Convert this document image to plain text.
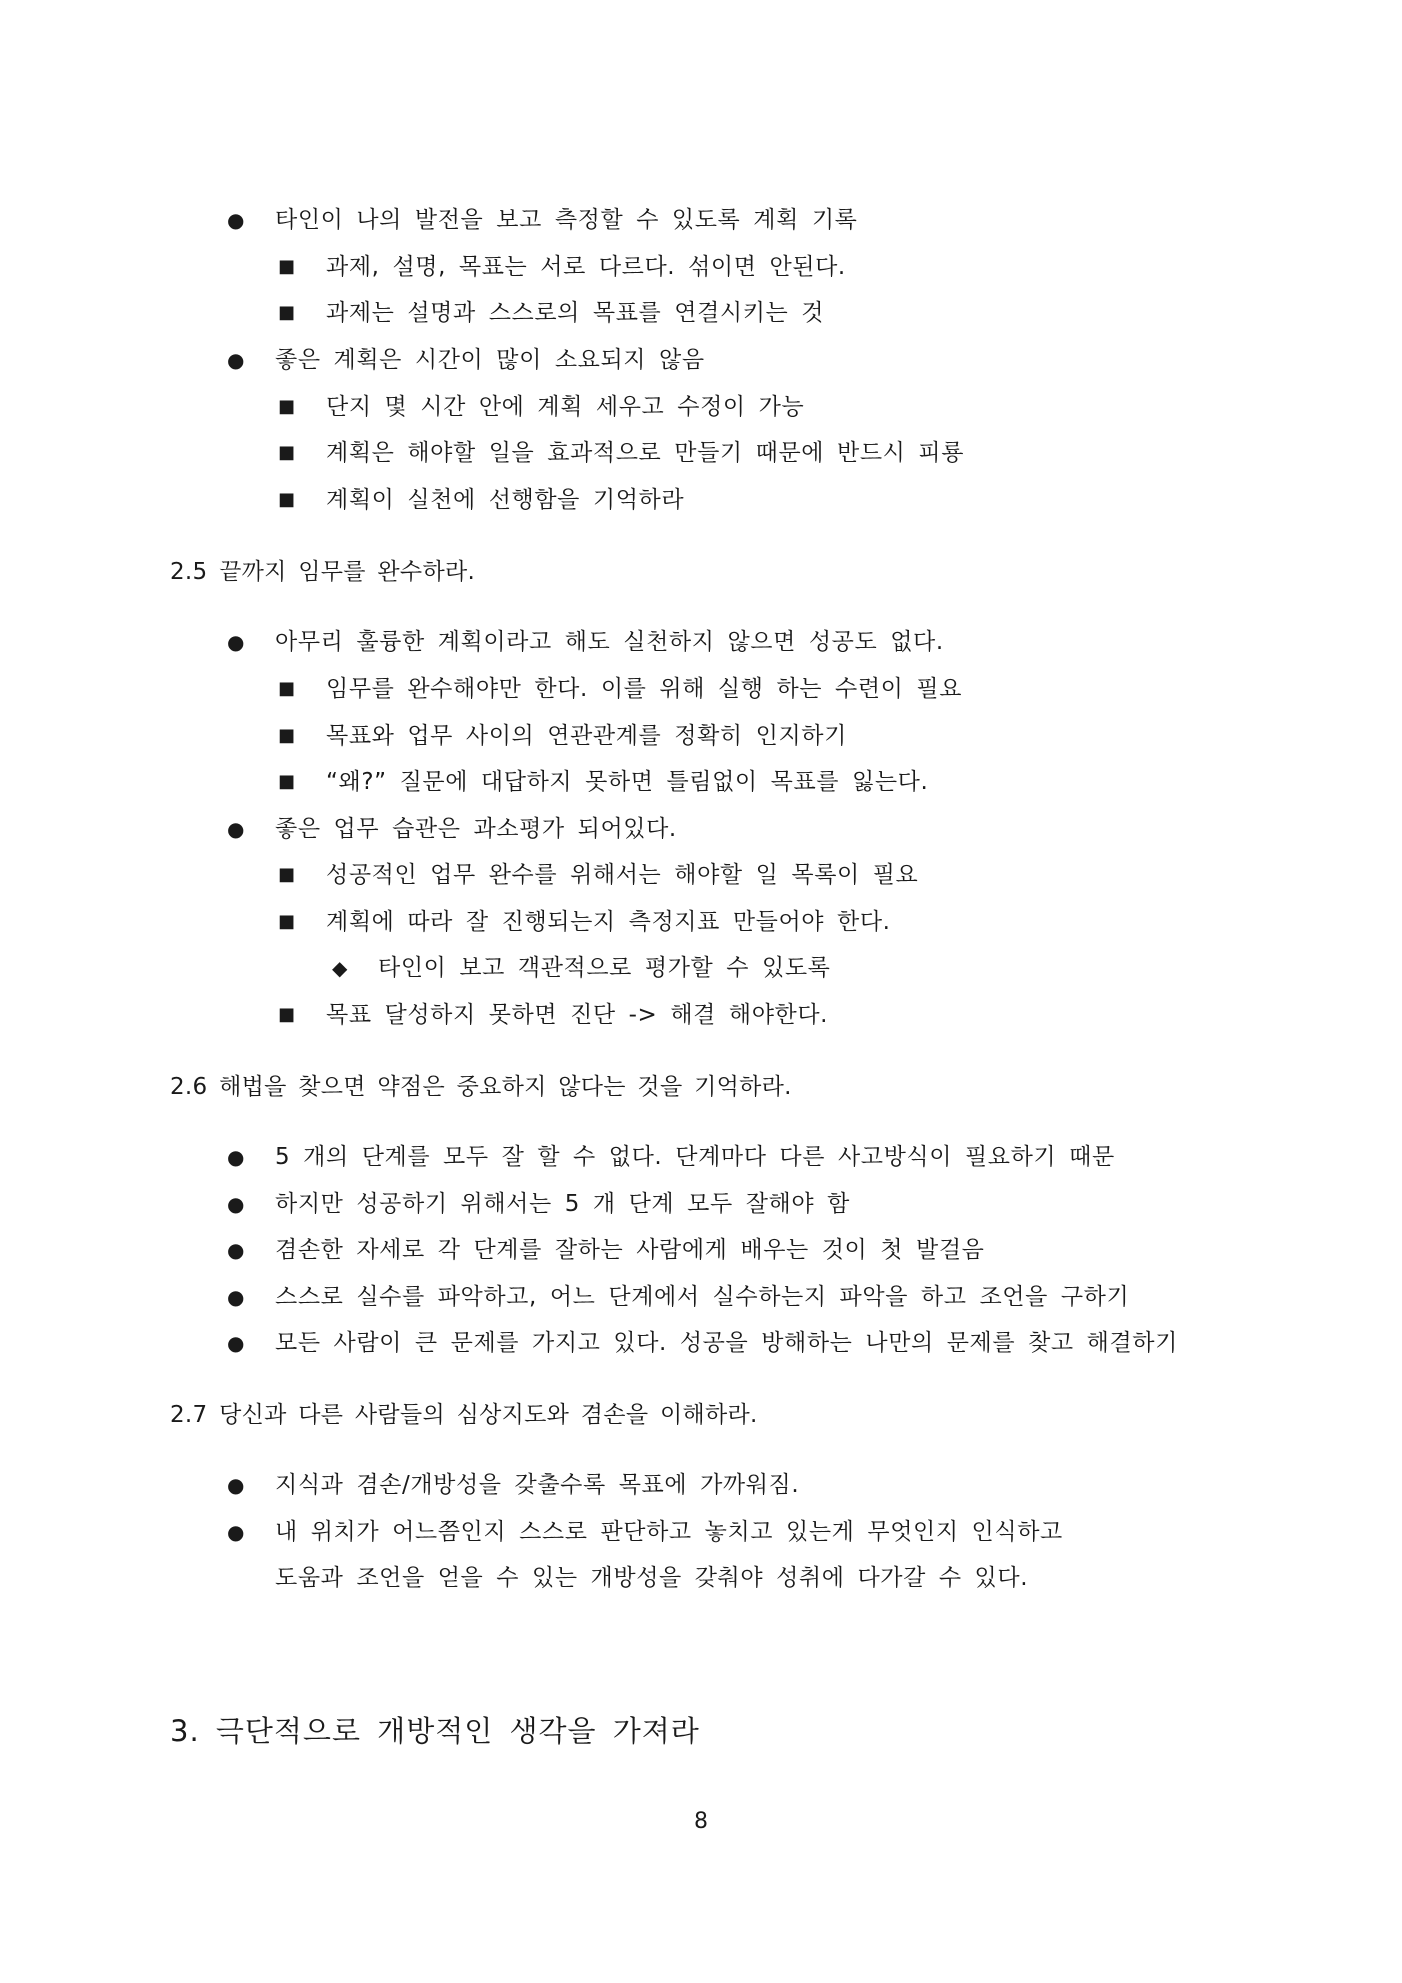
● 타인이 나의 발전을 보고 측정할 수 있도록 계획 기록
■ 과제, 설명, 목표는 서로 다르다. 섞이면 안된다.
■ 과제는 설명과 스스로의 목표를 연결시키는 것
● 좋은 계획은 시간이 많이 소요되지 않음
■ 단지 몇 시간 안에 계획 세우고 수정이 가능
■ 계획은 해야할 일을 효과적으로 만들기 때문에 반드시 피룡
■ 계획이 실천에 선행함을 기억하라
2.5 끝까지 임무를 완수하라.
● 아무리 훌륭한 계획이라고 해도 실천하지 않으면 성공도 없다.
■ 임무를 완수해야만 한다. 이를 위해 실행 하는 수련이 필요
■ 목표와 업무 사이의 연관관계를 정확히 인지하기
■ “왜?” 질문에 대답하지 못하면 틀림없이 목표를 잃는다.
● 좋은 업무 습관은 과소평가 되어있다.
■ 성공적인 업무 완수를 위해서는 해야할 일 목록이 필요
■ 계획에 따라 잘 진행되는지 측정지표 만들어야 한다.
◆ 타인이 보고 객관적으로 평가할 수 있도록
■ 목표 달성하지 못하면 진단 -> 해결 해야한다.
2.6 해법을 찾으면 약점은 중요하지 않다는 것을 기억하라.
● 5 개의 단계를 모두 잘 할 수 없다. 단계마다 다른 사고방식이 필요하기 때문
● 하지만 성공하기 위해서는 5 개 단계 모두 잘해야 함
● 겸손한 자세로 각 단계를 잘하는 사람에게 배우는 것이 첫 발걸음
● 스스로 실수를 파악하고, 어느 단계에서 실수하는지 파악을 하고 조언을 구하기
● 모든 사람이 큰 문제를 가지고 있다. 성공을 방해하는 나만의 문제를 찾고 해결하기
2.7 당신과 다른 사람들의 심상지도와 겸손을 이해하라.
● 지식과 겸손/개방성을 갖출수록 목표에 가까워짐.
● 내 위치가 어느쯤인지 스스로 판단하고 놓치고 있는게 무엇인지 인식하고
도움과 조언을 얻을 수 있는 개방성을 갖춰야 성취에 다가갈 수 있다.
3. 극단적으로 개방적인 생각을 가져라
8
